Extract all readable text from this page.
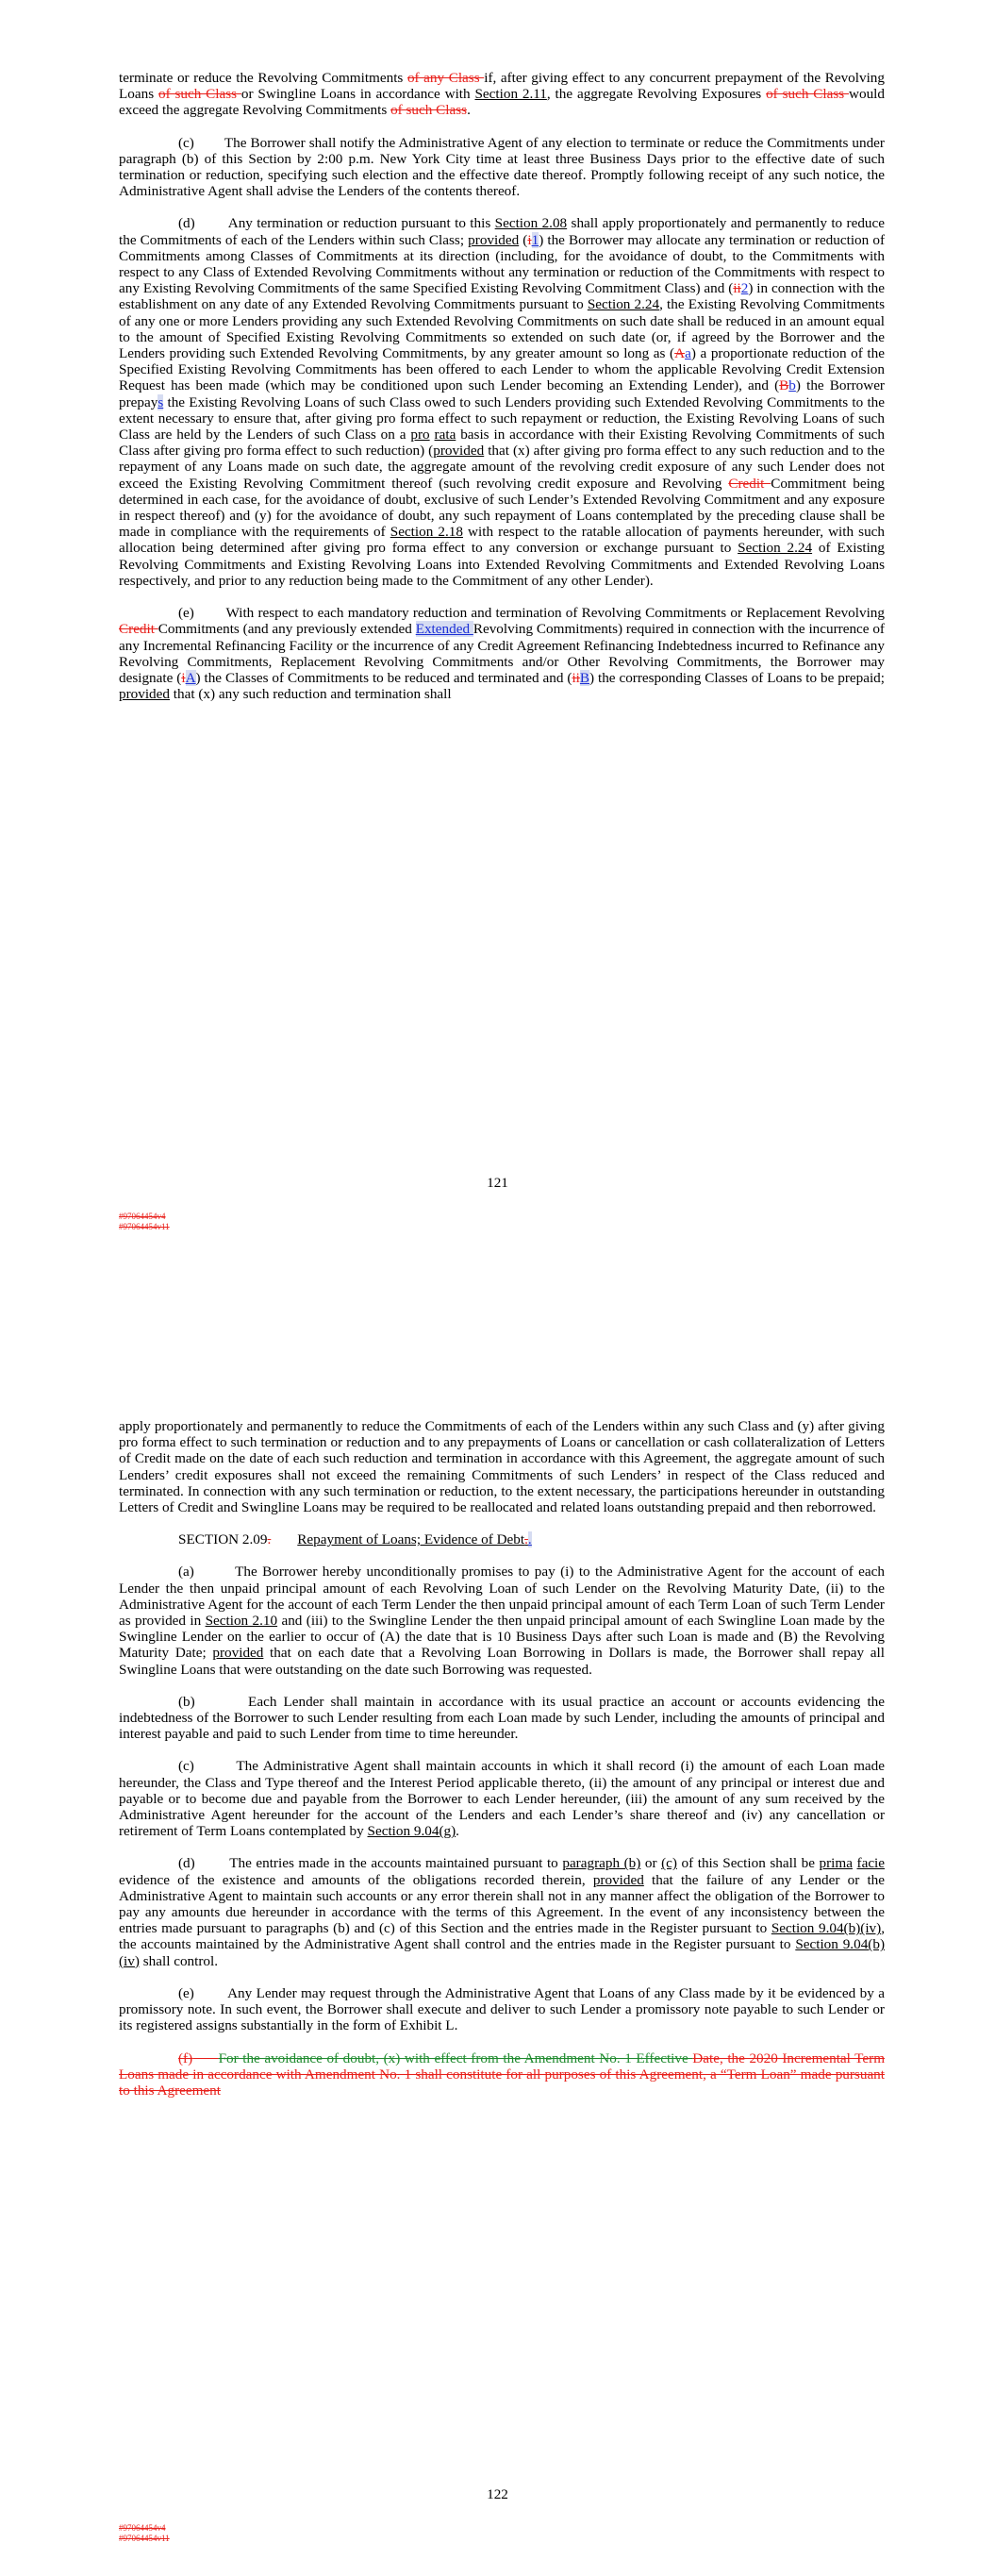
terminate or reduce the Revolving Commitments of any Class if, after giving effect to any concurrent prepayment of the Revolving Loans of such Class or Swingline Loans in accordance with Section 2.11, the aggregate Revolving Exposures of such Class would exceed the aggregate Revolving Commitments of such Class.

(c)        The Borrower shall notify the Administrative Agent of any election to terminate or reduce the Commitments under paragraph (b) of this Section by 2:00 p.m. New York City time at least three Business Days prior to the effective date of such termination or reduction, specifying such election and the effective date thereof. Promptly following receipt of any such notice, the Administrative Agent shall advise the Lenders of the contents thereof.

(d)        Any termination or reduction pursuant to this Section 2.08 shall apply proportionately and permanently to reduce the Commitments of each of the Lenders within such Class; provided (i1) the Borrower may allocate any termination or reduction of Commitments among Classes of Commitments at its direction (including, for the avoidance of doubt, to the Commitments with respect to any Class of Extended Revolving Commitments without any termination or reduction of the Commitments with respect to any Existing Revolving Commitments of the same Specified Existing Revolving Commitment Class) and (ii2) in connection with the establishment on any date of any Extended Revolving Commitments pursuant to Section 2.24, the Existing Revolving Commitments of any one or more Lenders providing any such Extended Revolving Commitments on such date shall be reduced in an amount equal to the amount of Specified Existing Revolving Commitments so extended on such date (or, if agreed by the Borrower and the Lenders providing such Extended Revolving Commitments, by any greater amount so long as (Aa) a proportionate reduction of the Specified Existing Revolving Commitments has been offered to each Lender to whom the applicable Revolving Credit Extension Request has been made (which may be conditioned upon such Lender becoming an Extending Lender), and (Bb) the Borrower prepays the Existing Revolving Loans of such Class owed to such Lenders providing such Extended Revolving Commitments to the extent necessary to ensure that, after giving pro forma effect to such repayment or reduction, the Existing Revolving Loans of such Class are held by the Lenders of such Class on a pro rata basis in accordance with their Existing Revolving Commitments of such Class after giving pro forma effect to such reduction) (provided that (x) after giving pro forma effect to any such reduction and to the repayment of any Loans made on such date, the aggregate amount of the revolving credit exposure of any such Lender does not exceed the Existing Revolving Commitment thereof (such revolving credit exposure and Revolving Credit Commitment being determined in each case, for the avoidance of doubt, exclusive of such Lender’s Extended Revolving Commitment and any exposure in respect thereof) and (y) for the avoidance of doubt, any such repayment of Loans contemplated by the preceding clause shall be made in compliance with the requirements of Section 2.18 with respect to the ratable allocation of payments hereunder, with such allocation being determined after giving pro forma effect to any conversion or exchange pursuant to Section 2.24 of Existing Revolving Commitments and Existing Revolving Loans into Extended Revolving Commitments and Extended Revolving Loans respectively, and prior to any reduction being made to the Commitment of any other Lender).

(e)        With respect to each mandatory reduction and termination of Revolving Commitments or Replacement Revolving Credit Commitments (and any previously extended Extended Revolving Commitments) required in connection with the incurrence of any Incremental Refinancing Facility or the incurrence of any Credit Agreement Refinancing Indebtedness incurred to Refinance any Revolving Commitments, Replacement Revolving Commitments and/or Other Revolving Commitments, the Borrower may designate (iA) the Classes of Commitments to be reduced and terminated and (iiB) the corresponding Classes of Loans to be prepaid; provided that (x) any such reduction and termination shall

121
#97064454v4
#97064454v11

apply proportionately and permanently to reduce the Commitments of each of the Lenders within any such Class and (y) after giving pro forma effect to such termination or reduction and to any prepayments of Loans or cancellation or cash collateralization of Letters of Credit made on the date of each such reduction and termination in accordance with this Agreement, the aggregate amount of such Lenders’ credit exposures shall not exceed the remaining Commitments of such Lenders’ in respect of the Class reduced and terminated. In connection with any such termination or reduction, to the extent necessary, the participations hereunder in outstanding Letters of Credit and Swingline Loans may be required to be reallocated and related loans outstanding prepaid and then reborrowed.

SECTION 2.09. Repayment of Loans; Evidence of Debt..

(a)        The Borrower hereby unconditionally promises to pay (i) to the Administrative Agent for the account of each Lender the then unpaid principal amount of each Revolving Loan of such Lender on the Revolving Maturity Date, (ii) to the Administrative Agent for the account of each Term Lender the then unpaid principal amount of each Term Loan of such Term Lender as provided in Section 2.10 and (iii) to the Swingline Lender the then unpaid principal amount of each Swingline Loan made by the Swingline Lender on the earlier to occur of (A) the date that is 10 Business Days after such Loan is made and (B) the Revolving Maturity Date; provided that on each date that a Revolving Loan Borrowing in Dollars is made, the Borrower shall repay all Swingline Loans that were outstanding on the date such Borrowing was requested.

(b)        Each Lender shall maintain in accordance with its usual practice an account or accounts evidencing the indebtedness of the Borrower to such Lender resulting from each Loan made by such Lender, including the amounts of principal and interest payable and paid to such Lender from time to time hereunder.

(c)        The Administrative Agent shall maintain accounts in which it shall record (i) the amount of each Loan made hereunder, the Class and Type thereof and the Interest Period applicable thereto, (ii) the amount of any principal or interest due and payable or to become due and payable from the Borrower to each Lender hereunder, (iii) the amount of any sum received by the Administrative Agent hereunder for the account of the Lenders and each Lender’s share thereof and (iv) any cancellation or retirement of Term Loans contemplated by Section 9.04(g).

(d)        The entries made in the accounts maintained pursuant to paragraph (b) or (c) of this Section shall be prima facie evidence of the existence and amounts of the obligations recorded therein, provided that the failure of any Lender or the Administrative Agent to maintain such accounts or any error therein shall not in any manner affect the obligation of the Borrower to pay any amounts due hereunder in accordance with the terms of this Agreement. In the event of any inconsistency between the entries made pursuant to paragraphs (b) and (c) of this Section and the entries made in the Register pursuant to Section 9.04(b)(iv), the accounts maintained by the Administrative Agent shall control and the entries made in the Register pursuant to Section 9.04(b)(iv) shall control.

(e)        Any Lender may request through the Administrative Agent that Loans of any Class made by it be evidenced by a promissory note. In such event, the Borrower shall execute and deliver to such Lender a promissory note payable to such Lender or its registered assigns substantially in the form of Exhibit L.

(f) For the avoidance of doubt, (x) with effect from the Amendment No. 1 Effective Date, the 2020 Incremental Term Loans made in accordance with Amendment No. 1 shall constitute for all purposes of this Agreement, a “Term Loan” made pursuant to this Agreement

122
#97064454v4
#97064454v11
